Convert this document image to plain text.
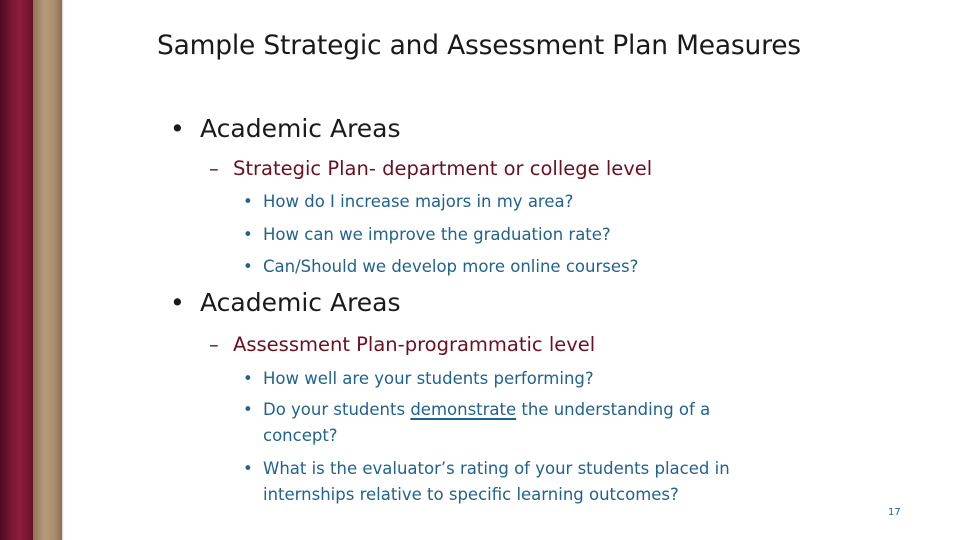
Sample Strategic and Assessment Plan Measures
• Academic Areas
– Strategic Plan- department or college level
• How do I increase majors in my area?
• How can we improve the graduation rate?
• Can/Should we develop more online courses?
• Academic Areas
– Assessment Plan-programmatic level
• How well are your students performing?
• Do your students demonstrate the understanding of a concept?
• What is the evaluator’s rating of your students placed in internships relative to specific learning outcomes?
17
